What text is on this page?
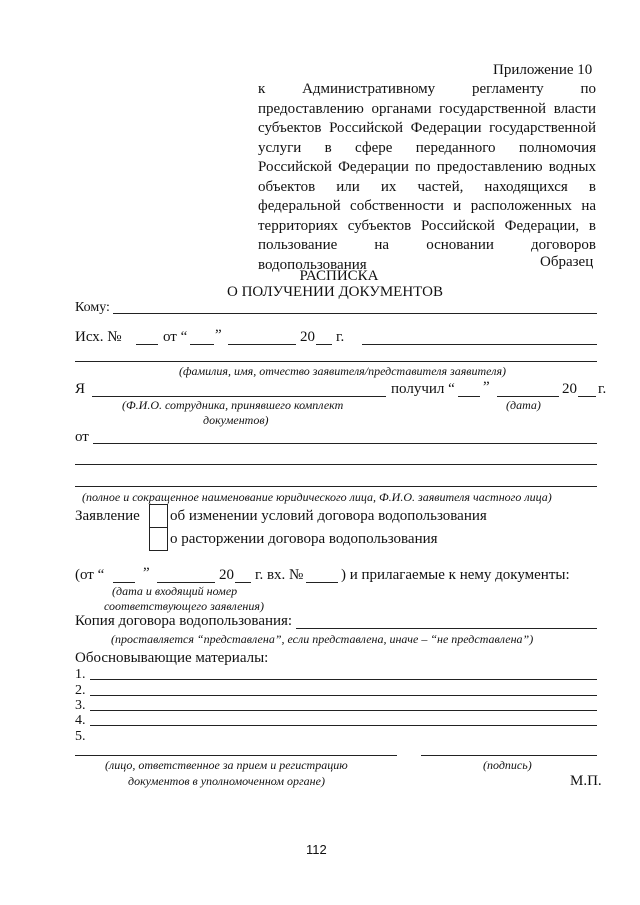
Приложение 10
к Административному регламенту по
предоставлению органами государственной власти
субъектов Российской Федерации государственной
услуги в сфере переданного полномочия
Российской Федерации по предоставлению водных
объектов или их частей, находящихся в
федеральной собственности и расположенных на
территориях субъектов Российской Федерации, в
пользование на основании договоров
водопользования	Образец
РАСПИСКА
О ПОЛУЧЕНИИ ДОКУМЕНТОВ
Кому:
Исх. №	от “ ”	20 г.
(фамилия, имя, отчество заявителя/представителя заявителя)
Я	получил “ ”	20 г.
(Ф.И.О. сотрудника, принявшего комплект
документов)
(дата)
от
(полное и сокращенное наименование юридического лица, Ф.И.О. заявителя частного лица)
Заявление об изменении условий договора водопользования
о расторжении договора водопользования
(от “	”	20 г. вх. №	) и прилагаемые к нему документы:
(дата и входящий номер
соответствующего заявления)
Копия договора водопользования:
(проставляется “представлена”, если представлена, иначе – “не представлена”)
Обосновывающие материалы:
1.
2.
3.
4.
5.
(лицо, ответственное за прием и регистрацию
документов в уполномоченном органе)
(подпись)
М.П.
112
